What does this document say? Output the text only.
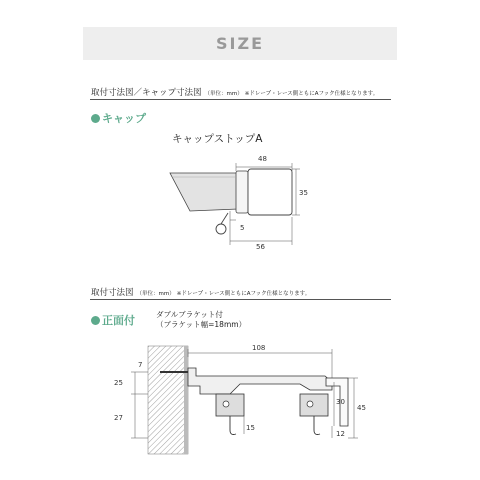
SIZE
取付寸法図／キャップ寸法図 （単位：mm） ※ドレープ・レース側ともにAフック仕様となります。
キャップ
キャップストップA
48
35
5
56
取付寸法図 （単位：mm） ※ドレープ・レース側ともにAフック仕様となります。
正面付	ダブルブラケット付
（ブラケット幅=18mm）
108
7
25
27
30
45
15
12
